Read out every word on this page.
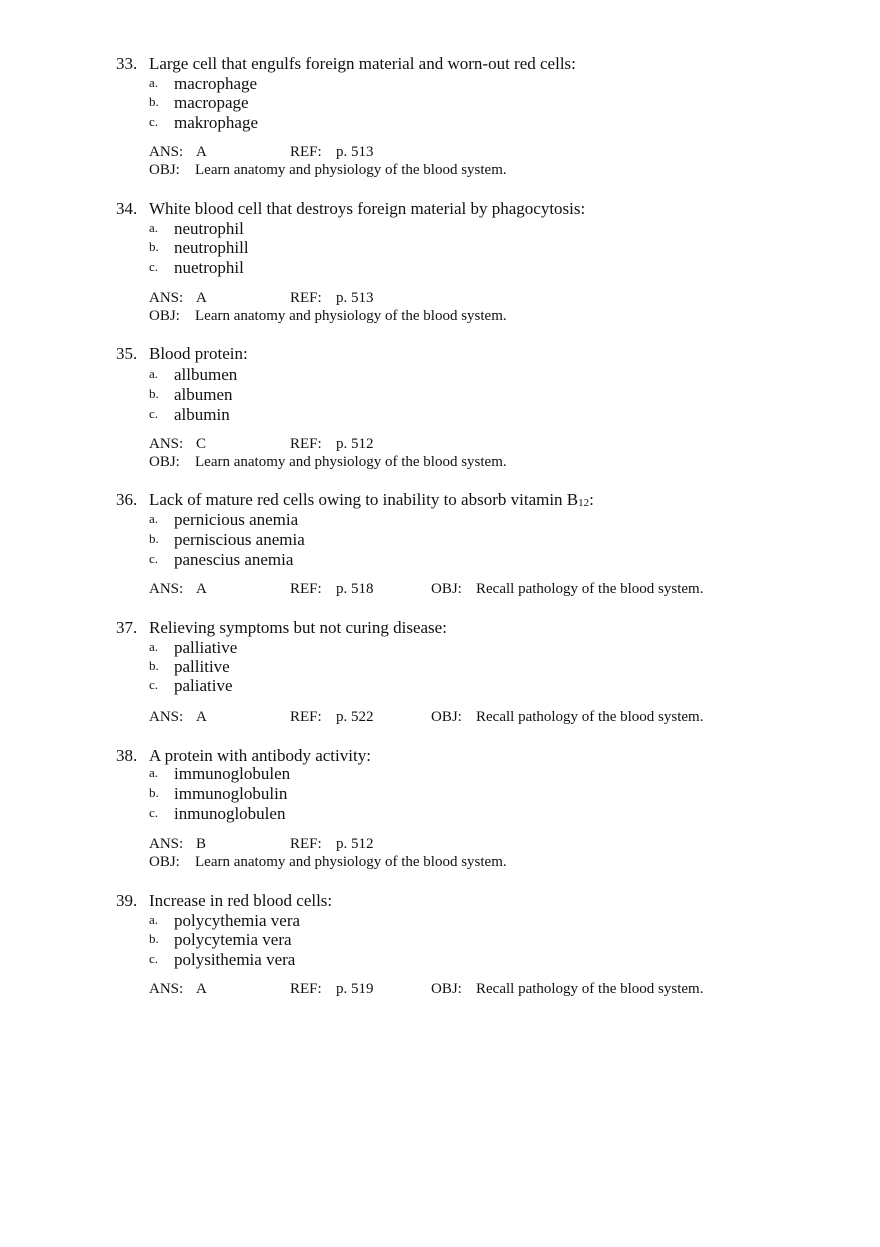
33. Large cell that engulfs foreign material and worn-out red cells:
a. macrophage
b. macropage
c. makrophage
ANS: A	REF: p. 513
OBJ: Learn anatomy and physiology of the blood system.
34. White blood cell that destroys foreign material by phagocytosis:
a. neutrophil
b. neutrophill
c. nuetrophil
ANS: A	REF: p. 513
OBJ: Learn anatomy and physiology of the blood system.
35. Blood protein:
a. allbumen
b. albumen
c. albumin
ANS: C	REF: p. 512
OBJ: Learn anatomy and physiology of the blood system.
36. Lack of mature red cells owing to inability to absorb vitamin B12:
a. pernicious anemia
b. perniscious anemia
c. panescius anemia
ANS: A	REF: p. 518	OBJ: Recall pathology of the blood system.
37. Relieving symptoms but not curing disease:
a. palliative
b. pallitive
c. paliative
ANS: A	REF: p. 522	OBJ: Recall pathology of the blood system.
38. A protein with antibody activity:
a. immunoglobulen
b. immunoglobulin
c. inmunoglobulen
ANS: B	REF: p. 512
OBJ: Learn anatomy and physiology of the blood system.
39. Increase in red blood cells:
a. polycythemia vera
b. polycytemia vera
c. polysithemia vera
ANS: A	REF: p. 519	OBJ: Recall pathology of the blood system.
